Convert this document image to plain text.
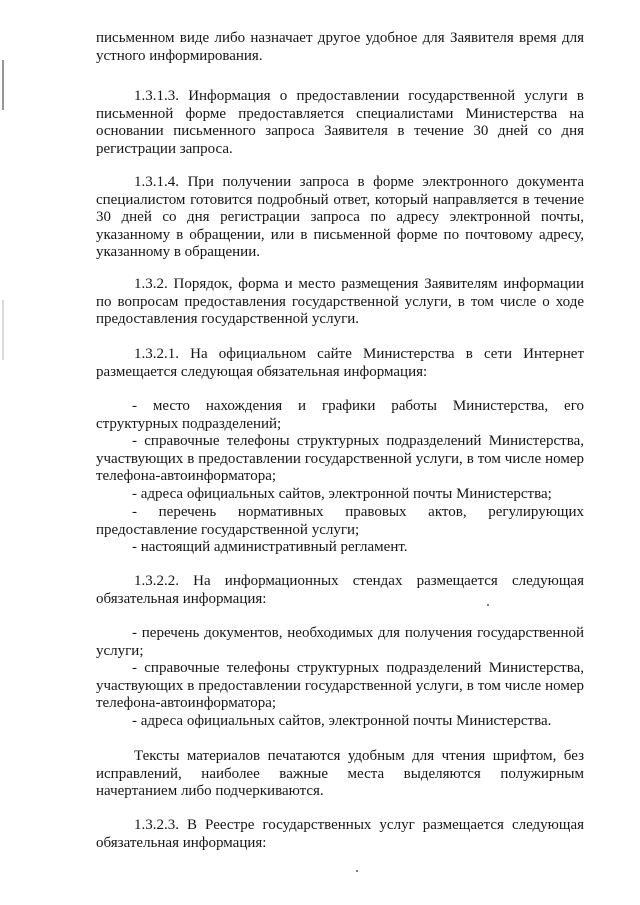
письменном виде либо назначает другое удобное для Заявителя время для устного информирования.

1.3.1.3. Информация о предоставлении государственной услуги в письменной форме предоставляется специалистами Министерства на основании письменного запроса Заявителя в течение 30 дней со дня регистрации запроса.

1.3.1.4. При получении запроса в форме электронного документа специалистом готовится подробный ответ, который направляется в течение 30 дней со дня регистрации запроса по адресу электронной почты, указанному в обращении, или в письменной форме по почтовому адресу, указанному в обращении.

1.3.2. Порядок, форма и место размещения Заявителям информации по вопросам предоставления государственной услуги, в том числе о ходе предоставления государственной услуги.

1.3.2.1. На официальном сайте Министерства в сети Интернет размещается следующая обязательная информация:

- место нахождения и графики работы Министерства, его структурных подразделений;

- справочные телефоны структурных подразделений Министерства, участвующих в предоставлении государственной услуги, в том числе номер телефона-автоинформатора;

- адреса официальных сайтов, электронной почты Министерства;

- перечень нормативных правовых актов, регулирующих предоставление государственной услуги;

- настоящий административный регламент.

1.3.2.2. На информационных стендах размещается следующая обязательная информация:

- перечень документов, необходимых для получения государственной услуги;

- справочные телефоны структурных подразделений Министерства, участвующих в предоставлении государственной услуги, в том числе номер телефона-автоинформатора;

- адреса официальных сайтов, электронной почты Министерства.

Тексты материалов печатаются удобным для чтения шрифтом, без исправлений, наиболее важные места выделяются полужирным начертанием либо подчеркиваются.

1.3.2.3. В Реестре государственных услуг размещается следующая обязательная информация:
